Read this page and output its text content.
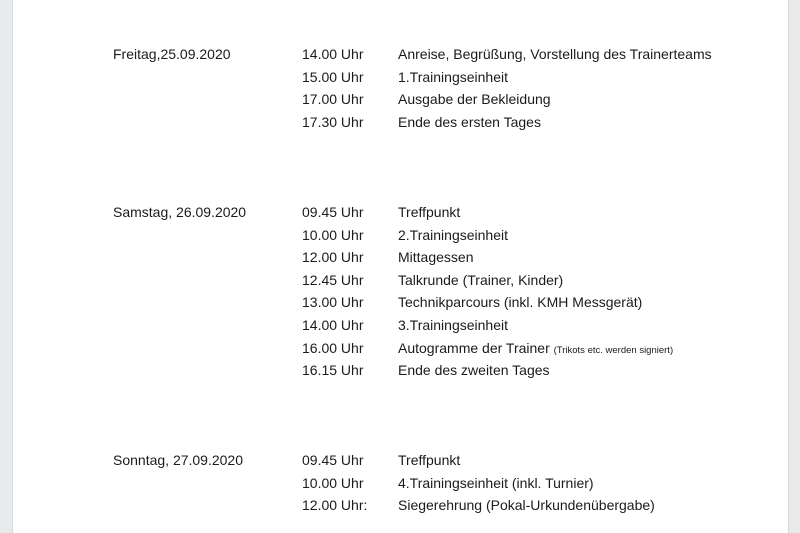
Freitag,25.09.2020	14.00 Uhr Anreise, Begrüßung, Vorstellung des Trainerteams
15.00 Uhr 1.Trainingseinheit
17.00 Uhr Ausgabe der Bekleidung
17.30 Uhr Ende des ersten Tages
Samstag, 26.09.2020	09.45 Uhr Treffpunkt
10.00 Uhr 2.Trainingseinheit
12.00 Uhr Mittagessen
12.45 Uhr Talkrunde (Trainer, Kinder)
13.00 Uhr Technikparcours (inkl. KMH Messgerät)
14.00 Uhr 3.Trainingseinheit
16.00 Uhr Autogramme der Trainer (Trikots etc. werden signiert)
16.15 Uhr Ende des zweiten Tages
Sonntag, 27.09.2020	09.45 Uhr Treffpunkt
10.00 Uhr 4.Trainingseinheit (inkl. Turnier)
12.00 Uhr: Siegerehrung (Pokal-Urkundenübergabe)
